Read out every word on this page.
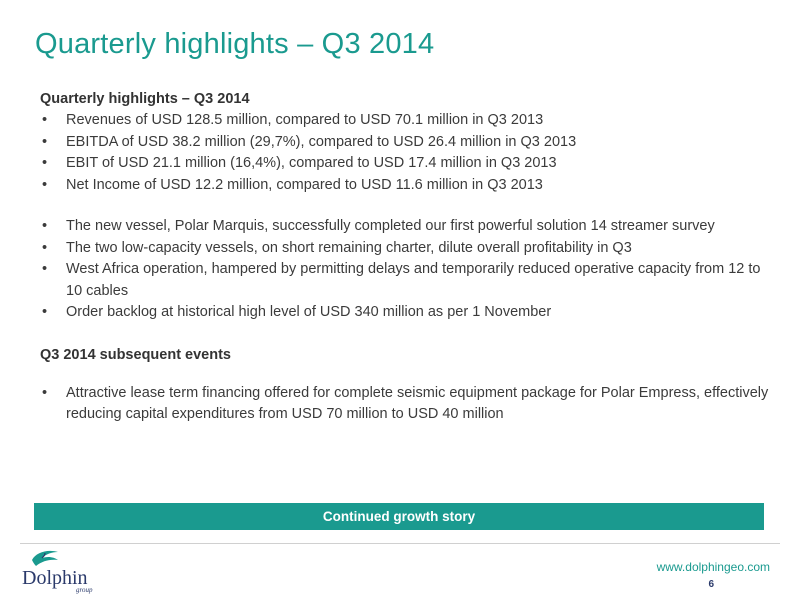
Quarterly highlights – Q3 2014
Quarterly highlights – Q3 2014
• Revenues of USD 128.5 million, compared to USD 70.1 million in Q3 2013
• EBITDA of USD 38.2 million (29,7%), compared to USD 26.4 million in Q3 2013
• EBIT of USD 21.1 million (16,4%), compared to USD 17.4 million in Q3 2013
• Net Income of USD 12.2 million, compared to USD 11.6 million in Q3 2013
• The new vessel, Polar Marquis, successfully completed our first powerful solution 14 streamer survey
• The two low-capacity vessels, on short remaining charter, dilute overall profitability in Q3
• West Africa operation, hampered by permitting delays and temporarily reduced operative capacity from 12 to 10 cables
• Order backlog at historical high level of USD 340 million as per 1 November
Q3 2014 subsequent events
• Attractive lease term financing offered for complete seismic equipment package for Polar Empress, effectively reducing capital expenditures from USD 70 million to USD 40 million
Continued growth story
Dolphin
group
www.dolphingeo.com
6
